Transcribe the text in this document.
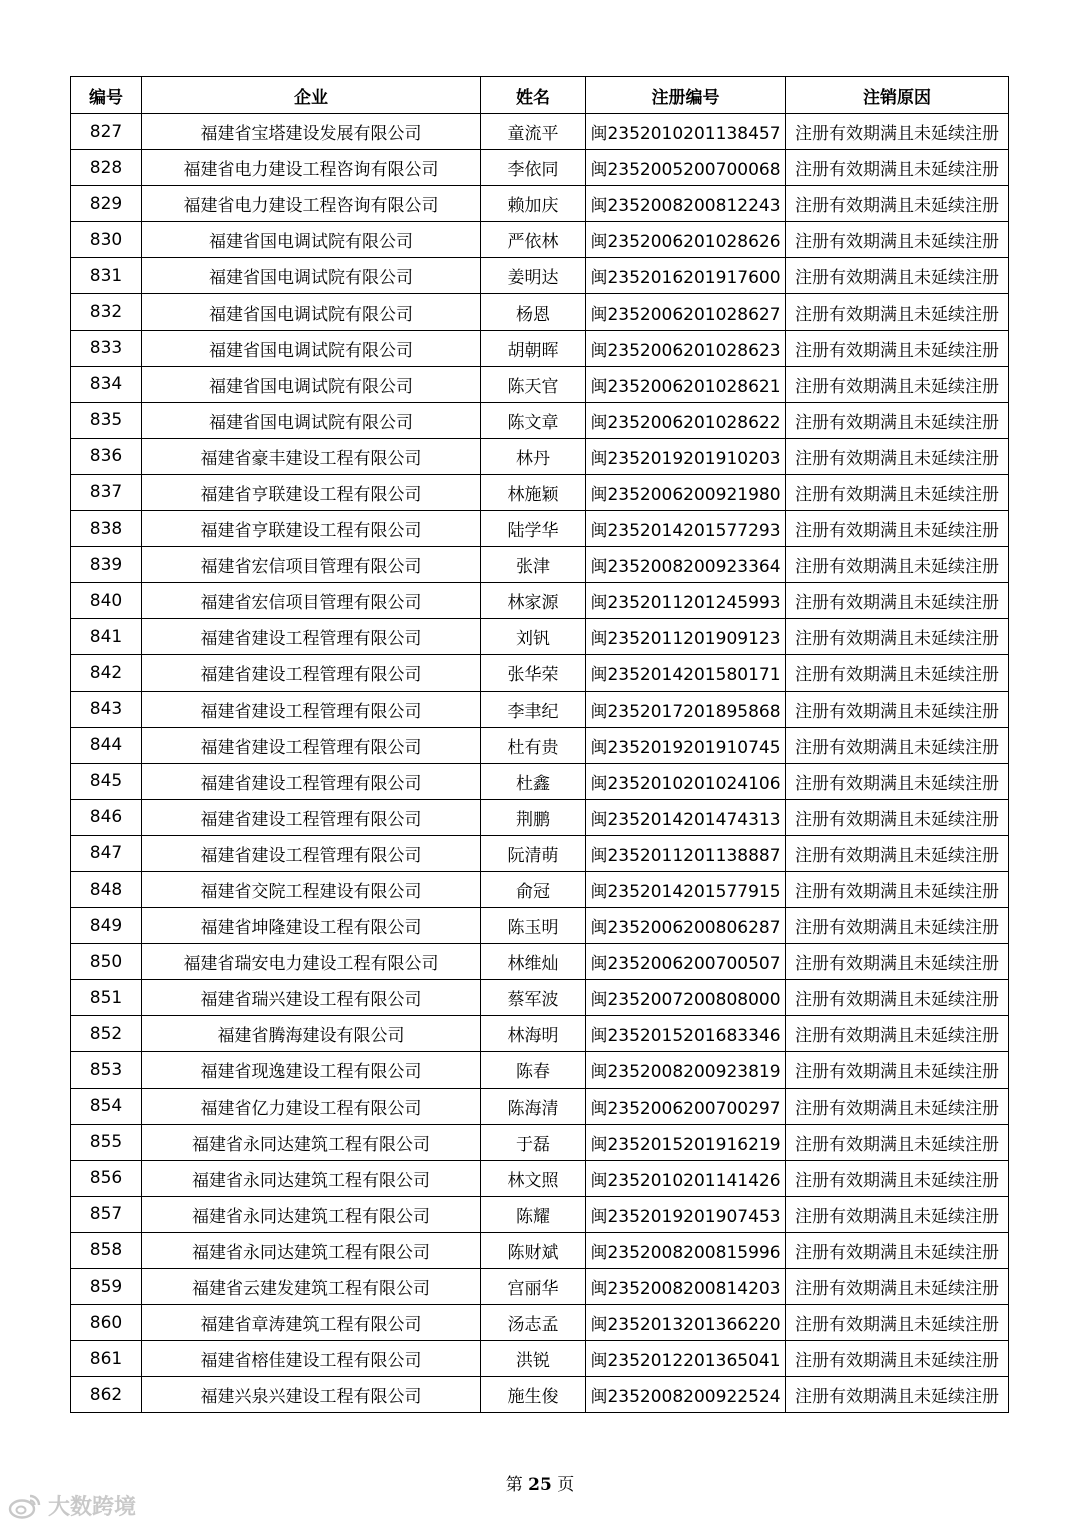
编号	企业	姓名	注册编号	注销原因
827	福建省宝塔建设发展有限公司	童流平	闽2352010201138457	注册有效期满且未延续注册
828	福建省电力建设工程咨询有限公司	李依同	闽2352005200700068	注册有效期满且未延续注册
829	福建省电力建设工程咨询有限公司	赖加庆	闽2352008200812243	注册有效期满且未延续注册
830	福建省国电调试院有限公司	严依林	闽2352006201028626	注册有效期满且未延续注册
831	福建省国电调试院有限公司	姜明达	闽2352016201917600	注册有效期满且未延续注册
832	福建省国电调试院有限公司	杨恩	闽2352006201028627	注册有效期满且未延续注册
833	福建省国电调试院有限公司	胡朝晖	闽2352006201028623	注册有效期满且未延续注册
834	福建省国电调试院有限公司	陈天官	闽2352006201028621	注册有效期满且未延续注册
835	福建省国电调试院有限公司	陈文章	闽2352006201028622	注册有效期满且未延续注册
836	福建省豪丰建设工程有限公司	林丹	闽2352019201910203	注册有效期满且未延续注册
837	福建省亨联建设工程有限公司	林施颖	闽2352006200921980	注册有效期满且未延续注册
838	福建省亨联建设工程有限公司	陆学华	闽2352014201577293	注册有效期满且未延续注册
839	福建省宏信项目管理有限公司	张津	闽2352008200923364	注册有效期满且未延续注册
840	福建省宏信项目管理有限公司	林家源	闽2352011201245993	注册有效期满且未延续注册
841	福建省建设工程管理有限公司	刘钒	闽2352011201909123	注册有效期满且未延续注册
842	福建省建设工程管理有限公司	张华荣	闽2352014201580171	注册有效期满且未延续注册
843	福建省建设工程管理有限公司	李聿纪	闽2352017201895868	注册有效期满且未延续注册
844	福建省建设工程管理有限公司	杜有贵	闽2352019201910745	注册有效期满且未延续注册
845	福建省建设工程管理有限公司	杜鑫	闽2352010201024106	注册有效期满且未延续注册
846	福建省建设工程管理有限公司	荆鹏	闽2352014201474313	注册有效期满且未延续注册
847	福建省建设工程管理有限公司	阮清萌	闽2352011201138887	注册有效期满且未延续注册
848	福建省交院工程建设有限公司	俞冠	闽2352014201577915	注册有效期满且未延续注册
849	福建省坤隆建设工程有限公司	陈玉明	闽2352006200806287	注册有效期满且未延续注册
850	福建省瑞安电力建设工程有限公司	林维灿	闽2352006200700507	注册有效期满且未延续注册
851	福建省瑞兴建设工程有限公司	蔡军波	闽2352007200808000	注册有效期满且未延续注册
852	福建省腾海建设有限公司	林海明	闽2352015201683346	注册有效期满且未延续注册
853	福建省现逸建设工程有限公司	陈春	闽2352008200923819	注册有效期满且未延续注册
854	福建省亿力建设工程有限公司	陈海清	闽2352006200700297	注册有效期满且未延续注册
855	福建省永同达建筑工程有限公司	于磊	闽2352015201916219	注册有效期满且未延续注册
856	福建省永同达建筑工程有限公司	林文照	闽2352010201141426	注册有效期满且未延续注册
857	福建省永同达建筑工程有限公司	陈耀	闽2352019201907453	注册有效期满且未延续注册
858	福建省永同达建筑工程有限公司	陈财斌	闽2352008200815996	注册有效期满且未延续注册
859	福建省云建发建筑工程有限公司	宫丽华	闽2352008200814203	注册有效期满且未延续注册
860	福建省章涛建筑工程有限公司	汤志孟	闽2352013201366220	注册有效期满且未延续注册
861	福建省榕佳建设工程有限公司	洪锐	闽2352012201365041	注册有效期满且未延续注册
862	福建兴泉兴建设工程有限公司	施生俊	闽2352008200922524	注册有效期满且未延续注册
第 25 页
大数跨境
